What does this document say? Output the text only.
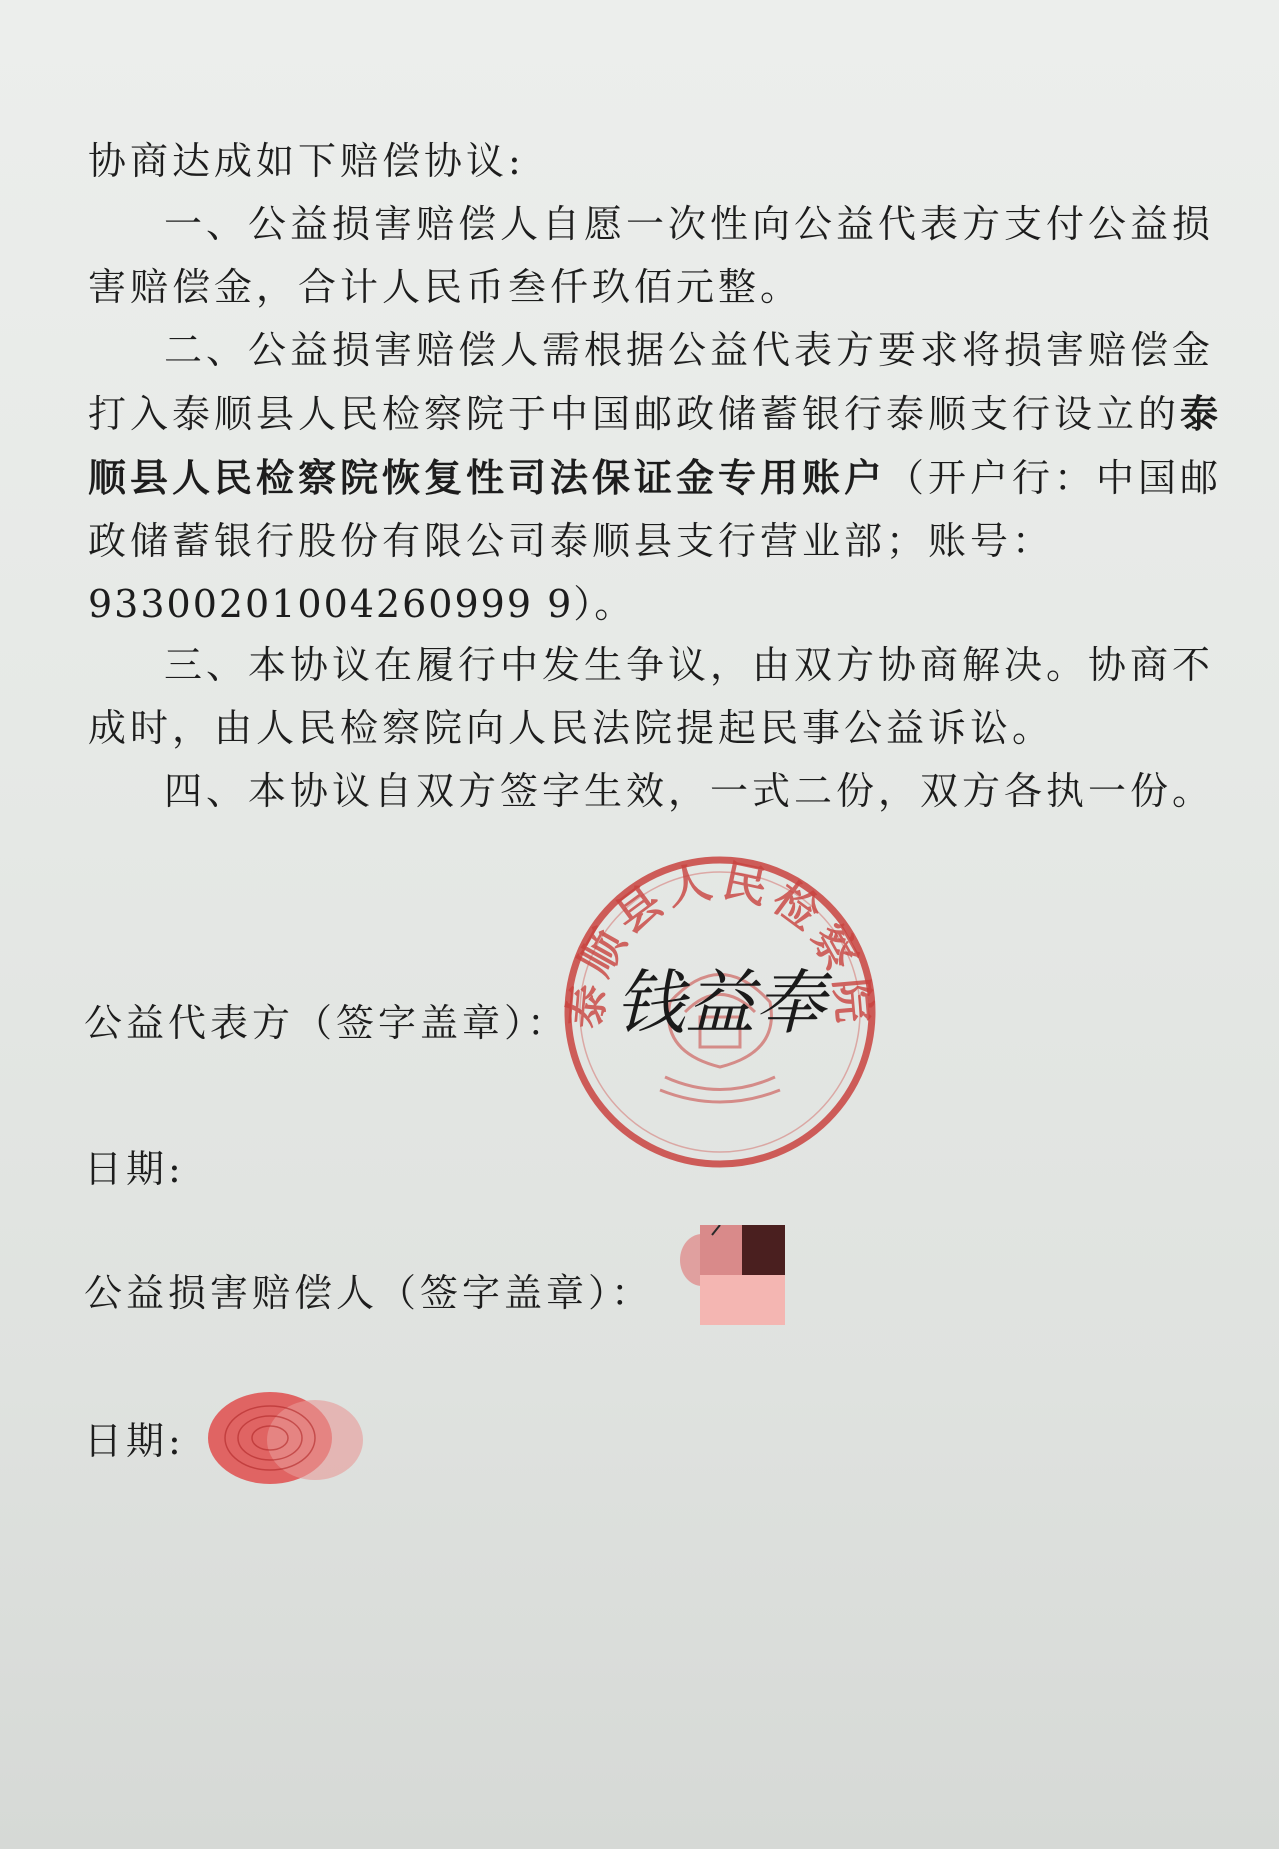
协商达成如下赔偿协议:

一、公益损害赔偿人自愿一次性向公益代表方支付公益损
害赔偿金，合计人民币叁仟玖佰元整。

二、公益损害赔偿人需根据公益代表方要求将损害赔偿金
打入泰顺县人民检察院于中国邮政储蓄银行泰顺支行设立的泰
顺县人民检察院恢复性司法保证金专用账户（开户行：中国邮
政储蓄银行股份有限公司泰顺县支行营业部；账号：
93300201004260999 9）。

三、本协议在履行中发生争议，由双方协商解决。协商不
成时，由人民检察院向人民法院提起民事公益诉讼。

四、本协议自双方签字生效，一式二份，双方各执一份。

泰顺县人民检察院
钱益奉
公益代表方（签字盖章）：
日期:
公益损害赔偿人（签字盖章）：
日期:
